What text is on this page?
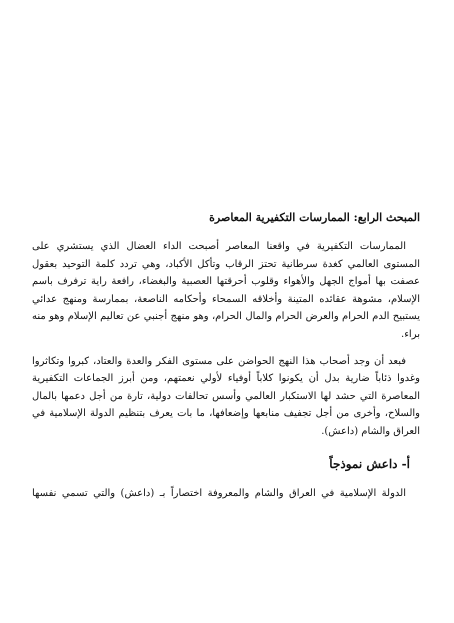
المبحث الرابع: الممارسات التكفيرية المعاصرة

الممارسات التكفيرية في واقعنا المعاصر أصبحت الداء العضال الذي يستشري على المستوى العالمي كغدة سرطانية تحتز الرقاب وتأكل الأكباد، وهي تردد كلمة التوحيد بعقول عصفت بها أمواج الجهل والأهواء وقلوب أحرقتها العصبية والبغضاء، رافعة راية ترفرف باسم الإسلام، مشوهة عقائده المتينة وأخلاقه السمحاء وأحكامه الناصعة، بممارسة ومنهج عدائي يستبيح الدم الحرام والعرض الحرام والمال الحرام، وهو منهج أجنبي عن تعاليم الإسلام وهو منه براء.

فبعد أن وجد أصحاب هذا النهج الحواضن على مستوى الفكر والعدة والعتاد، كبروا وتكاثروا وغدوا ذئاباً ضارية بدل أن يكونوا كلاباً أوفياء لأولي نعمتهم، ومن أبرز الجماعات التكفيرية المعاصرة التي حشد لها الاستكبار العالمي وأسس تحالفات دولية، تارة من أجل دعمها بالمال والسلاح، وأخرى من أجل تجفيف منابعها وإضعافها، ما بات يعرف بتنظيم الدولة الإسلامية في العراق والشام (داعش).

أ- داعش نموذجاً

الدولة الإسلامية في العراق والشام والمعروفة اختصاراً بـ (داعش) والتي تسمي نفسها
